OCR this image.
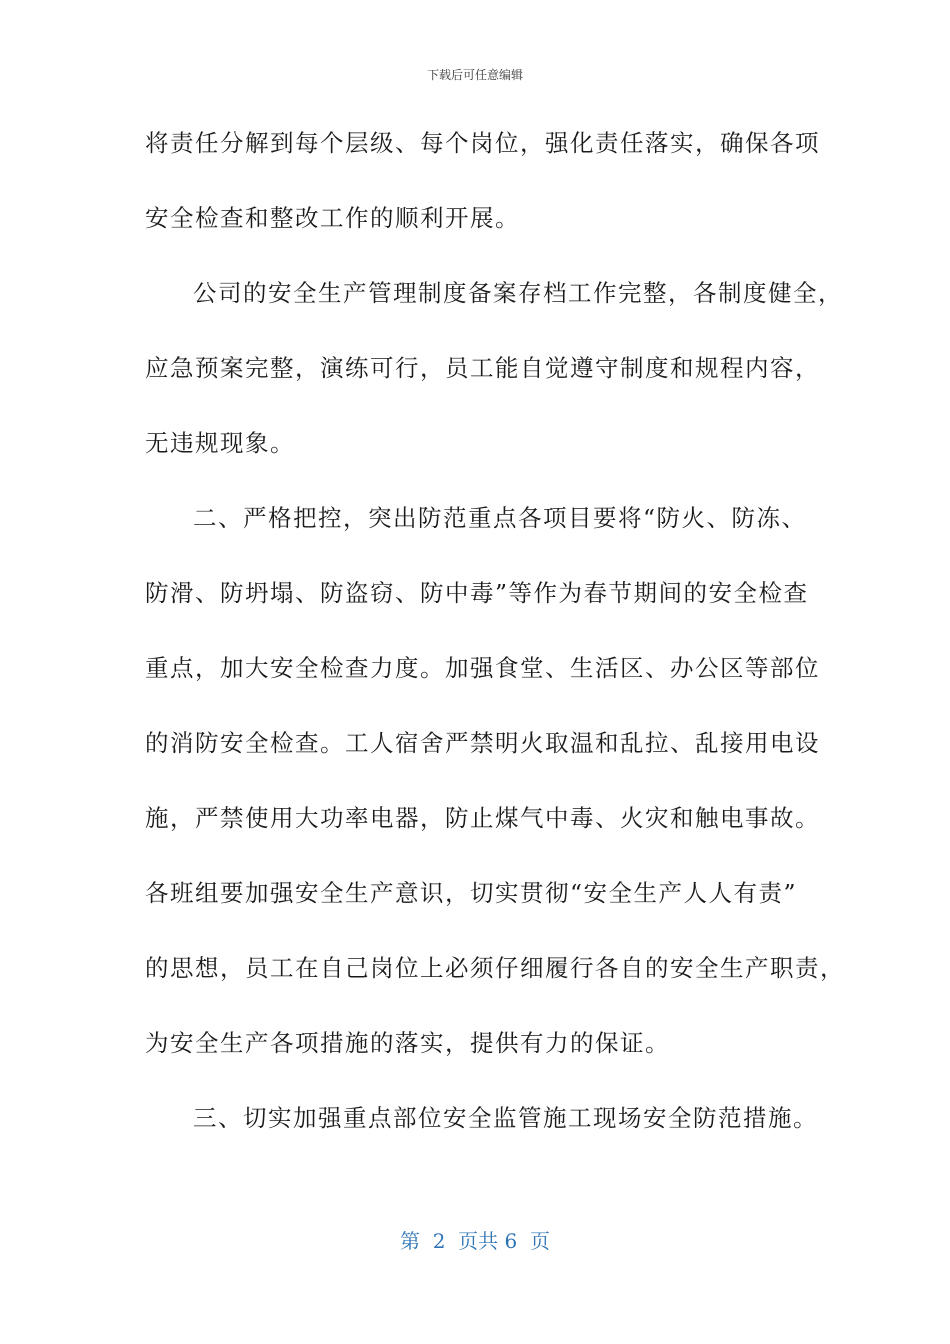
下载后可任意编辑
将责任分解到每个层级、每个岗位，强化责任落实，确保各项
安全检查和整改工作的顺利开展。
公司的安全生产管理制度备案存档工作完整，各制度健全，
应急预案完整，演练可行，员工能自觉遵守制度和规程内容，
无违规现象。
二、严格把控，突出防范重点各项目要将“防火、防冻、
防滑、防坍塌、防盗窃、防中毒”等作为春节期间的安全检查
重点，加大安全检查力度。加强食堂、生活区、办公区等部位
的消防安全检查。工人宿舍严禁明火取温和乱拉、乱接用电设
施，严禁使用大功率电器，防止煤气中毒、火灾和触电事故。
各班组要加强安全生产意识，切实贯彻“安全生产人人有责”
的思想，员工在自己岗位上必须仔细履行各自的安全生产职责，
为安全生产各项措施的落实，提供有力的保证。
三、切实加强重点部位安全监管施工现场安全防范措施。
第  2  页共 6  页
